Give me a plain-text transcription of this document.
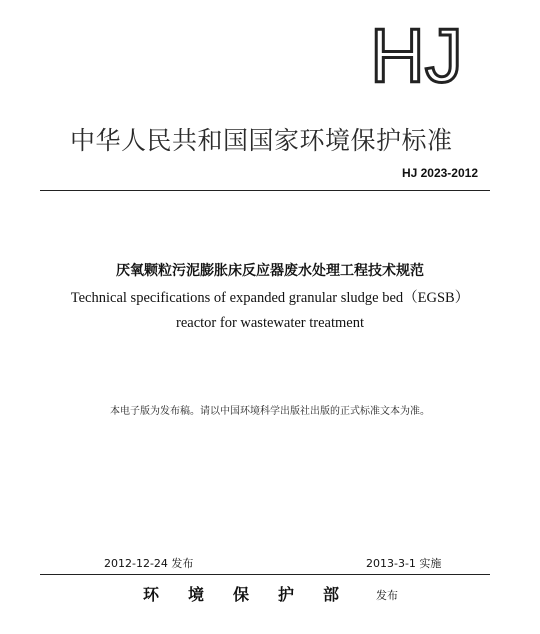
HJ
中华人民共和国国家环境保护标准
HJ 2023-2012
厌氧颗粒污泥膨胀床反应器废水处理工程技术规范
Technical specifications of expanded granular sludge bed（EGSB）
reactor for wastewater treatment
本电子版为发布稿。请以中国环境科学出版社出版的正式标准文本为准。
2012-12-24 发布	2013-3-1 实施
环境保护部 发布
